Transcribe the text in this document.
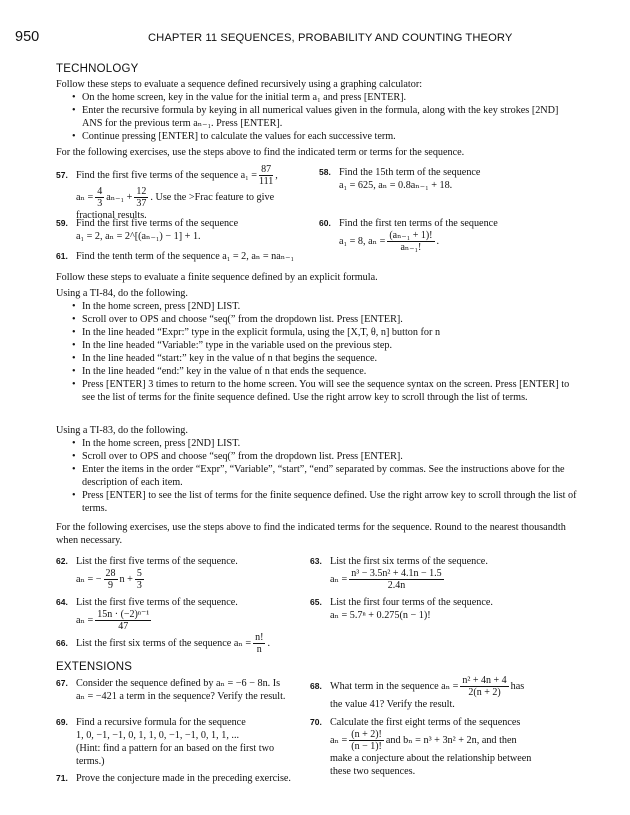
950	CHAPTER 11 SEQUENCES, PROBABILITY AND COUNTING THEORY
TECHNOLOGY
Follow these steps to evaluate a sequence defined recursively using a graphing calculator:
• On the home screen, key in the value for the initial term a₁ and press [ENTER].
• Enter the recursive formula by keying in all numerical values given in the formula, along with the key strokes [2ND] ANS for the previous term aₙ₋₁. Press [ENTER].
• Continue pressing [ENTER] to calculate the values for each successive term.
For the following exercises, use the steps above to find the indicated term or terms for the sequence.
57. Find the first five terms of the sequence $a_1 = \frac{87}{111}$ ,
$a_n = \frac{4}{3} a_{n-1} + \frac{12}{37}$ . Use the >Frac feature to give
fractional results.
58. Find the 15th term of the sequence
a₁ = 625, aₙ = 0.8aₙ₋₁ + 18.
59. Find the first five terms of the sequence
a₁ = 2, aₙ = 2^[(aₙ₋₁) − 1] + 1.
60. Find the first ten terms of the sequence
a₁ = 8, $a_n = \frac{\text{(aₙ₋₁ + 1)!}}{\text{aₙ₋₁!}}$ .
61. Find the tenth term of the sequence a₁ = 2, aₙ = naₙ₋₁
Follow these steps to evaluate a finite sequence defined by an explicit formula.
Using a TI-84, do the following.
• In the home screen, press [2ND] LIST.
• Scroll over to OPS and choose “seq(” from the dropdown list. Press [ENTER].
• In the line headed “Expr:” type in the explicit formula, using the [X,T, θ, n] button for n
• In the line headed “Variable:” type in the variable used on the previous step.
• In the line headed “start:” key in the value of n that begins the sequence.
• In the line headed “end:” key in the value of n that ends the sequence.
• Press [ENTER] 3 times to return to the home screen. You will see the sequence syntax on the screen. Press [ENTER] to see the list of terms for the finite sequence defined. Use the right arrow key to scroll through the list of terms.
Using a TI-83, do the following.
• In the home screen, press [2ND] LIST.
• Scroll over to OPS and choose “seq(” from the dropdown list. Press [ENTER].
• Enter the items in the order “Expr”, “Variable”, “start”, “end” separated by commas. See the instructions above for the description of each item.
• Press [ENTER] to see the list of terms for the finite sequence defined. Use the right arrow key to scroll through the list of terms.
For the following exercises, use the steps above to find the indicated terms for the sequence. Round to the nearest thousandth when necessary.
62. List the first five terms of the sequence.
aₙ = − $\frac{28}{9}$ $n + \frac{5}{3}$
63. List the first six terms of the sequence.
$a_n = \frac{\text{n³ − 3.5n² + 4.1n − 1.5}}{2.4n}$
64. List the first five terms of the sequence.
$a_n = \frac{\text{15n · (−2)ⁿ⁻¹}}{47}$
65. List the first four terms of the sequence.
aₙ = 5.7ⁿ + 0.275(n − 1)!
66. List the first six terms of the sequence $a_n = \frac{n!}{n}$ .
EXTENSIONS
67. Consider the sequence defined by aₙ = −6 − 8n. Is
aₙ = −421 a term in the sequence? Verify the result.
68. What term in the sequence $a_n = \frac{\text{n² + 4n + 4}}{2(n + 2)}$ has
the value 41? Verify the result.
69. Find a recursive formula for the sequence
1, 0, −1, −1, 0, 1, 1, 0, −1, −1, 0, 1, 1, ...
(Hint: find a pattern for an based on the first two
terms.)
70. Calculate the first eight terms of the sequences
$a_n = \frac{(n + 2)!}{(n - 1)!}$ and bₙ = n³ + 3n² + 2n, and then
make a conjecture about the relationship between
these two sequences.
71. Prove the conjecture made in the preceding exercise.
